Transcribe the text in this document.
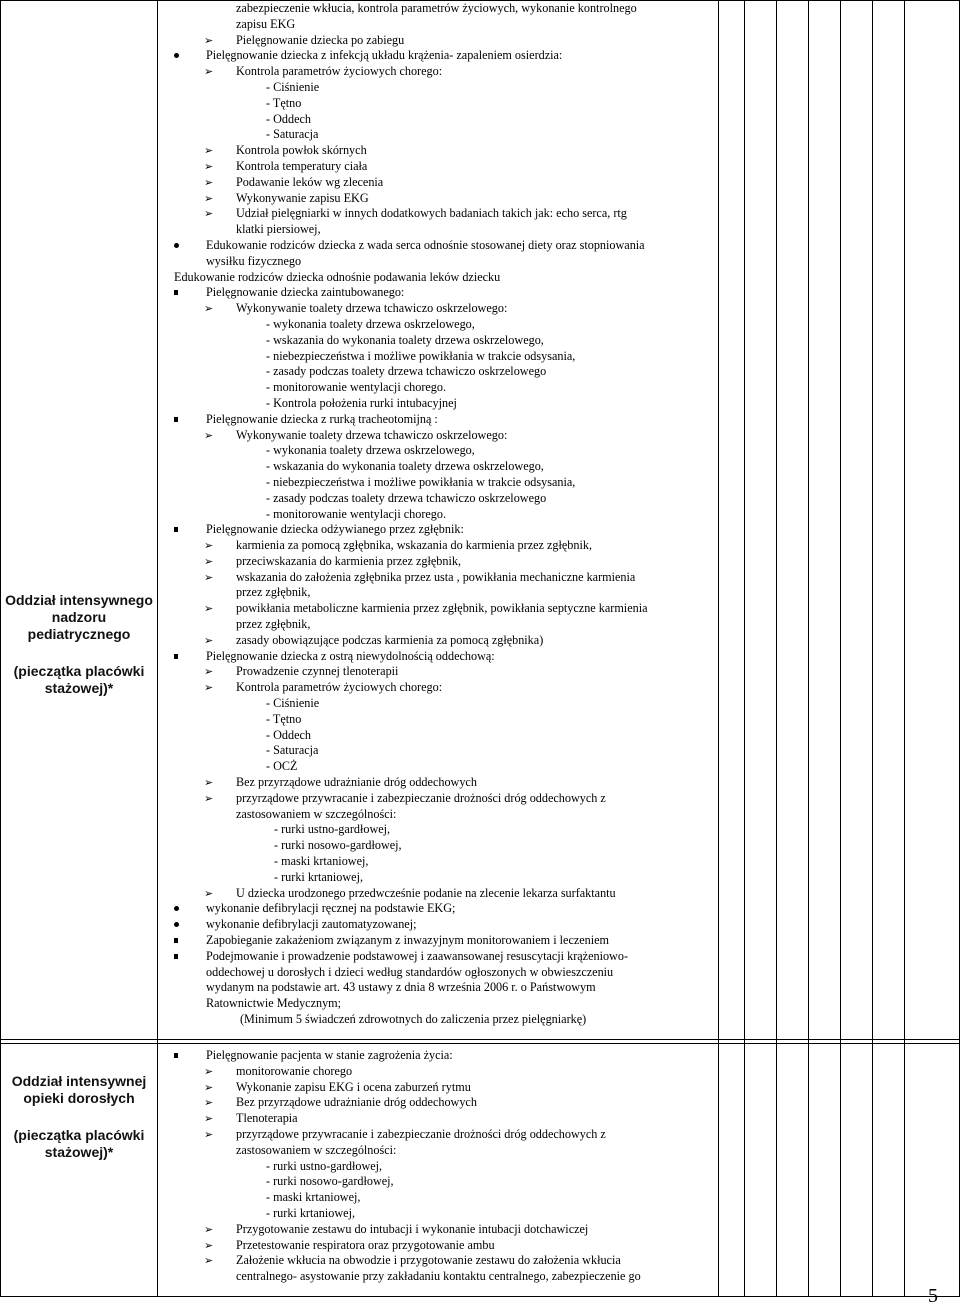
Oddział intensywnego nadzoru pediatrycznego
(pieczątka placówki stażowej)*
Oddział intensywnej opieki dorosłych
(pieczątka placówki stażowej)*
zabezpieczenie wkłucia, kontrola parametrów życiowych, wykonanie kontrolnego
zapisu EKG
➢ Pielęgnowanie dziecka po zabiegu
Pielęgnowanie dziecka z infekcją układu krążenia- zapaleniem osierdzia:
➢ Kontrola parametrów życiowych chorego:
- Ciśnienie
- Tętno
- Oddech
- Saturacja
➢ Kontrola powłok skórnych
➢ Kontrola temperatury ciała
➢ Podawanie leków wg zlecenia
➢ Wykonywanie zapisu EKG
➢ Udział pielęgniarki w innych dodatkowych badaniach takich jak: echo serca, rtg
klatki piersiowej,
Edukowanie rodziców dziecka z wada serca odnośnie stosowanej diety oraz stopniowania
wysiłku fizycznego
Edukowanie rodziców dziecka odnośnie podawania leków dziecku
Pielęgnowanie dziecka zaintubowanego:
➢ Wykonywanie toalety drzewa tchawiczo oskrzelowego:
- wykonania toalety drzewa oskrzelowego,
- wskazania do wykonania toalety drzewa oskrzelowego,
- niebezpieczeństwa i możliwe powikłania w trakcie odsysania,
- zasady podczas toalety drzewa tchawiczo oskrzelowego
- monitorowanie wentylacji chorego.
- Kontrola położenia rurki intubacyjnej
Pielęgnowanie dziecka z rurką tracheotomijną :
➢ Wykonywanie toalety drzewa tchawiczo oskrzelowego:
- wykonania toalety drzewa oskrzelowego,
- wskazania do wykonania toalety drzewa oskrzelowego,
- niebezpieczeństwa i możliwe powikłania w trakcie odsysania,
- zasady podczas toalety drzewa tchawiczo oskrzelowego
- monitorowanie wentylacji chorego.
Pielęgnowanie dziecka odżywianego przez zgłębnik:
➢ karmienia za pomocą zgłębnika, wskazania do karmienia przez zgłębnik,
➢ przeciwskazania do karmienia przez zgłębnik,
➢ wskazania do założenia zgłębnika przez usta , powikłania mechaniczne karmienia
przez zgłębnik,
➢ powikłania metaboliczne karmienia przez zgłębnik, powikłania septyczne karmienia
przez zgłębnik,
➢ zasady obowiązujące podczas karmienia za pomocą zgłębnika)
Pielęgnowanie dziecka z ostrą niewydolnością oddechową:
➢ Prowadzenie czynnej tlenoterapii
➢ Kontrola parametrów życiowych chorego:
- Ciśnienie
- Tętno
- Oddech
- Saturacja
- OCŻ
➢ Bez przyrządowe udrażnianie dróg oddechowych
➢ przyrządowe przywracanie i zabezpieczanie drożności dróg oddechowych z
zastosowaniem w szczególności:
- rurki ustno-gardłowej,
- rurki nosowo-gardłowej,
- maski krtaniowej,
- rurki krtaniowej,
➢ U dziecka urodzonego przedwcześnie podanie na zlecenie lekarza surfaktantu
wykonanie defibrylacji ręcznej na podstawie EKG;
wykonanie defibrylacji zautomatyzowanej;
Zapobieganie zakażeniom związanym z inwazyjnym monitorowaniem i leczeniem
Podejmowanie i prowadzenie podstawowej i zaawansowanej resuscytacji krążeniowo-
oddechowej u dorosłych i dzieci według standardów ogłoszonych w obwieszczeniu
wydanym na podstawie art. 43 ustawy z dnia 8 września 2006 r. o Państwowym
Ratownictwie Medycznym;
(Minimum 5 świadczeń zdrowotnych do zaliczenia przez pielęgniarkę)
Pielęgnowanie pacjenta w stanie zagrożenia życia:
➢ monitorowanie chorego
➢ Wykonanie zapisu EKG i ocena zaburzeń rytmu
➢ Bez przyrządowe udrażnianie dróg oddechowych
➢ Tlenoterapia
➢ przyrządowe przywracanie i zabezpieczanie drożności dróg oddechowych z
zastosowaniem w szczególności:
- rurki ustno-gardłowej,
- rurki nosowo-gardłowej,
- maski krtaniowej,
- rurki krtaniowej,
➢ Przygotowanie zestawu do intubacji i wykonanie intubacji dotchawiczej
➢ Przetestowanie respiratora oraz przygotowanie ambu
➢ Założenie wkłucia na obwodzie i przygotowanie zestawu do założenia wkłucia
centralnego- asystowanie przy zakładaniu kontaktu centralnego, zabezpieczenie go
5
